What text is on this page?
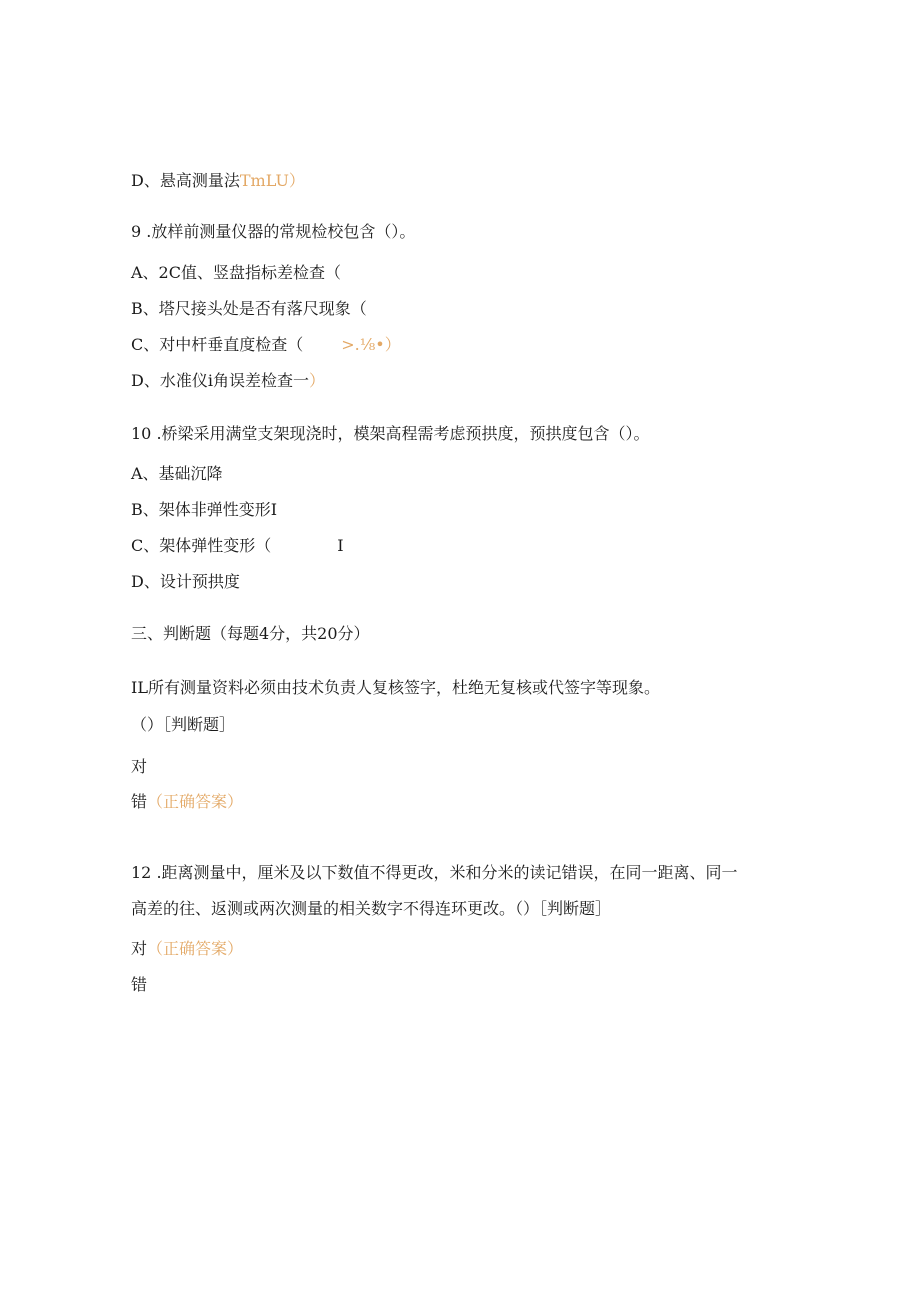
D、悬高测量法TmLU）
9 .放样前测量仪器的常规检校包含（）。
A、2C值、竖盘指标差检查（
B、塔尺接头处是否有落尺现象（
C、对中杆垂直度检查（ >.⅛•）
D、水准仪i角误差检查一）
10 .桥梁采用满堂支架现浇时，模架高程需考虑预拱度，预拱度包含（）。
A、基础沉降
B、架体非弹性变形I
C、架体弹性变形（	I
D、设计预拱度
三、判断题（每题4分，共20分）
IL所有测量资料必须由技术负责人复核签字，杜绝无复核或代签字等现象。
（）［判断题］
对
错（正确答案）
12 .距离测量中，厘米及以下数值不得更改，米和分米的读记错误，在同一距离、同一
高差的往、返测或两次测量的相关数字不得连环更改。（）［判断题］
对（正确答案）
错
